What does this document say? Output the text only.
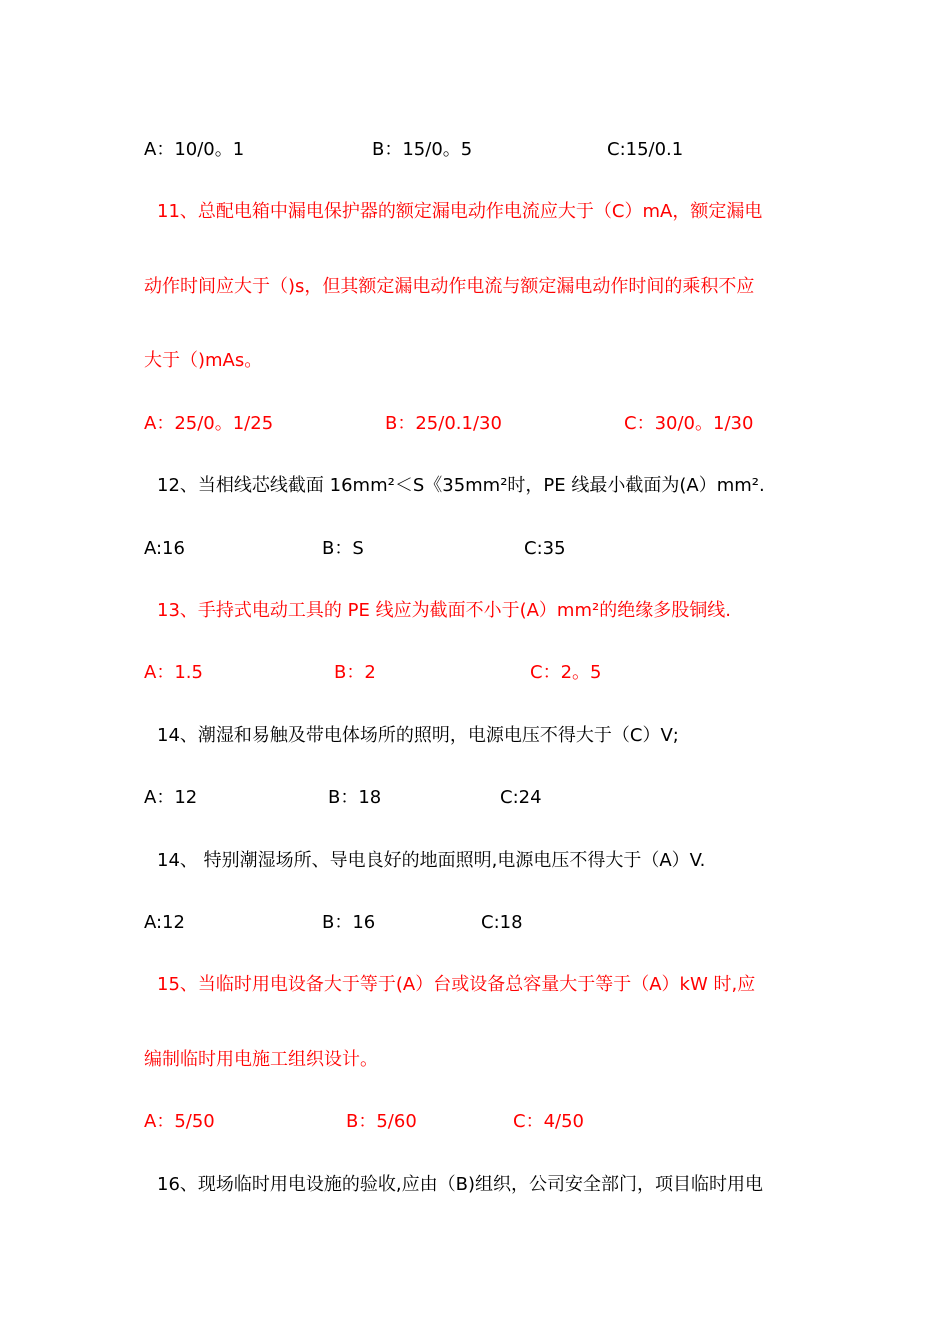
A：10/0。1	B：15/0。5	C:15/0.1
11、总配电箱中漏电保护器的额定漏电动作电流应大于（C）mA，额定漏电
动作时间应大于（)s，但其额定漏电动作电流与额定漏电动作时间的乘积不应
大于（)mAs。
A：25/0。1/25	B：25/0.1/30	C：30/0。1/30
12、当相线芯线截面 16mm²＜S《35mm²时，PE 线最小截面为(A）mm².
A:16	B：S	C:35
13、手持式电动工具的 PE 线应为截面不小于(A）mm²的绝缘多股铜线.
A：1.5	B：2	C：2。5
14、潮湿和易触及带电体场所的照明，电源电压不得大于（C）V;
A：12	B：18	C:24
14、 特别潮湿场所、导电良好的地面照明,电源电压不得大于（A）V.
A:12	B：16	C:18
15、当临时用电设备大于等于(A）台或设备总容量大于等于（A）kW 时,应
编制临时用电施工组织设计。
A：5/50	B：5/60	C：4/50
16、现场临时用电设施的验收,应由（B)组织，公司安全部门，项目临时用电
